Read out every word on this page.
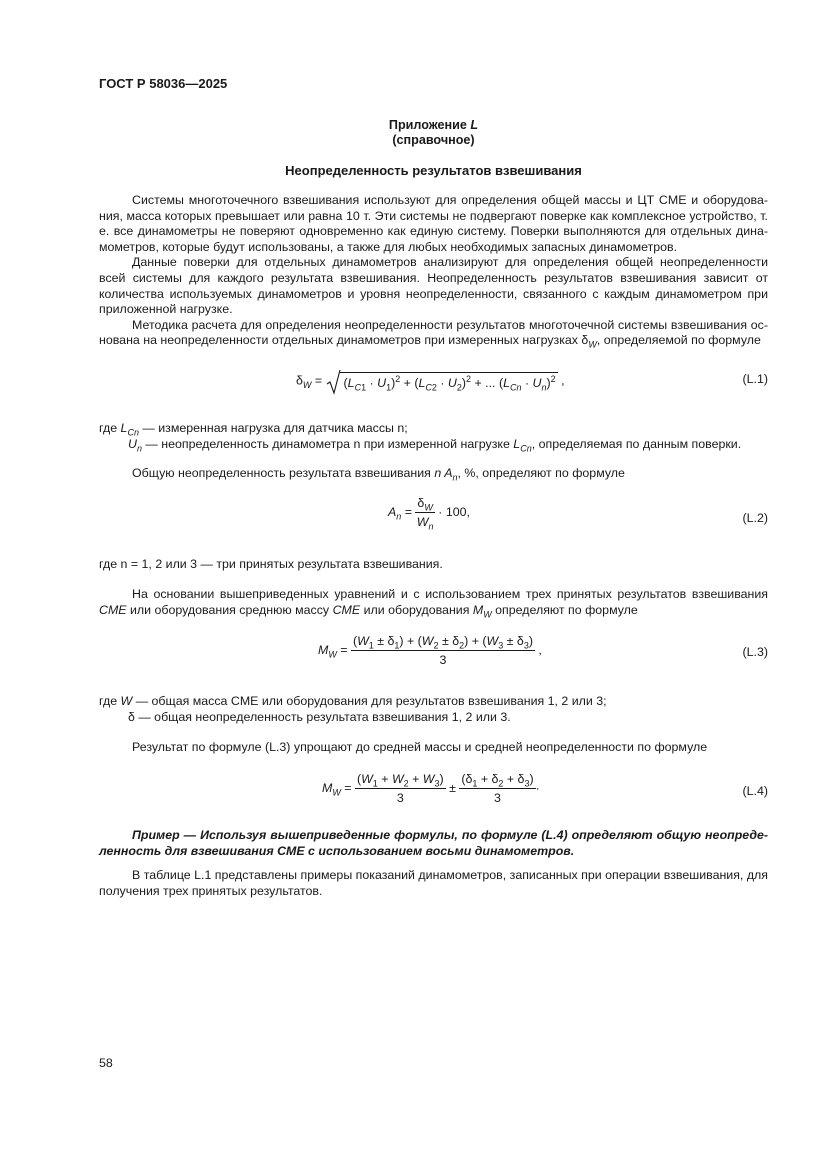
ГОСТ Р 58036—2025
Приложение L
(справочное)
Неопределенность результатов взвешивания

Системы многоточечного взвешивания используют для определения общей массы и ЦТ CME и оборудова-ния, масса которых превышает или равна 10 т. Эти системы не подвергают поверке как комплексное устройство, т. е. все динамометры не поверяют одновременно как единую систему. Поверки выполняются для отдельных дина-мометров, которые будут использованы, а также для любых необходимых запасных динамометров.

Данные поверки для отдельных динамометров анализируют для определения общей неопределенности всей системы для каждого результата взвешивания. Неопределенность результатов взвешивания зависит от количества используемых динамометров и уровня неопределенности, связанного с каждым динамометром при приложенной нагрузке.

Методика расчета для определения неопределенности результатов многоточечной системы взвешивания ос-нована на неопределенности отдельных динамометров при измеренных нагрузках $\delta_W$, определяемой по формуле

$\delta_W$ =
$(L_{C1} \cdot U_1)^2 + (L_{C2} \cdot U_2)^2$ + ... $(L_{Cn} \cdot U_n)^2$ ,	(L.1)
где $L_{Cn}$ — измеренная нагрузка для датчика массы n;
$U_n$ — неопределенность динамометра n при измеренной нагрузке $L_{Cn}$, определяемая по данным поверки.

Общую неопределенность результата взвешивания n $A_n$, %, определяют по формуле

$A_n = \frac{\delta_W}{W_n} \cdot 100$,	(L.2)

где n = 1, 2 или 3 — три принятых результата взвешивания.

На основании вышеприведенных уравнений и с использованием трех принятых результатов взвешивания CME или оборудования среднюю массу CME или оборудования $M_W$ определяют по формуле

$M_W = \frac{(W_1 \pm \delta_1) + (W_2 \pm \delta_2) + (W_3 \pm \delta_3)}{3}$ ,	(L.3)
где W — общая масса CME или оборудования для результатов взвешивания 1, 2 или 3;
δ — общая неопределенность результата взвешивания 1, 2 или 3.

Результат по формуле (L.3) упрощают до средней массы и средней неопределенности по формуле

$M_W = \frac{(W_1 + W_2 + W_3)}{3} \pm \frac{(\delta_1 + \delta_2 + \delta_3)}{3}$ ·	(L.4)

Пример — Используя вышеприведенные формулы, по формуле (L.4) определяют общую неопреде-ленность для взвешивания СМЕ с использованием восьми динамометров.

В таблице L.1 представлены примеры показаний динамометров, записанных при операции взвешивания, для получения трех принятых результатов.

58
